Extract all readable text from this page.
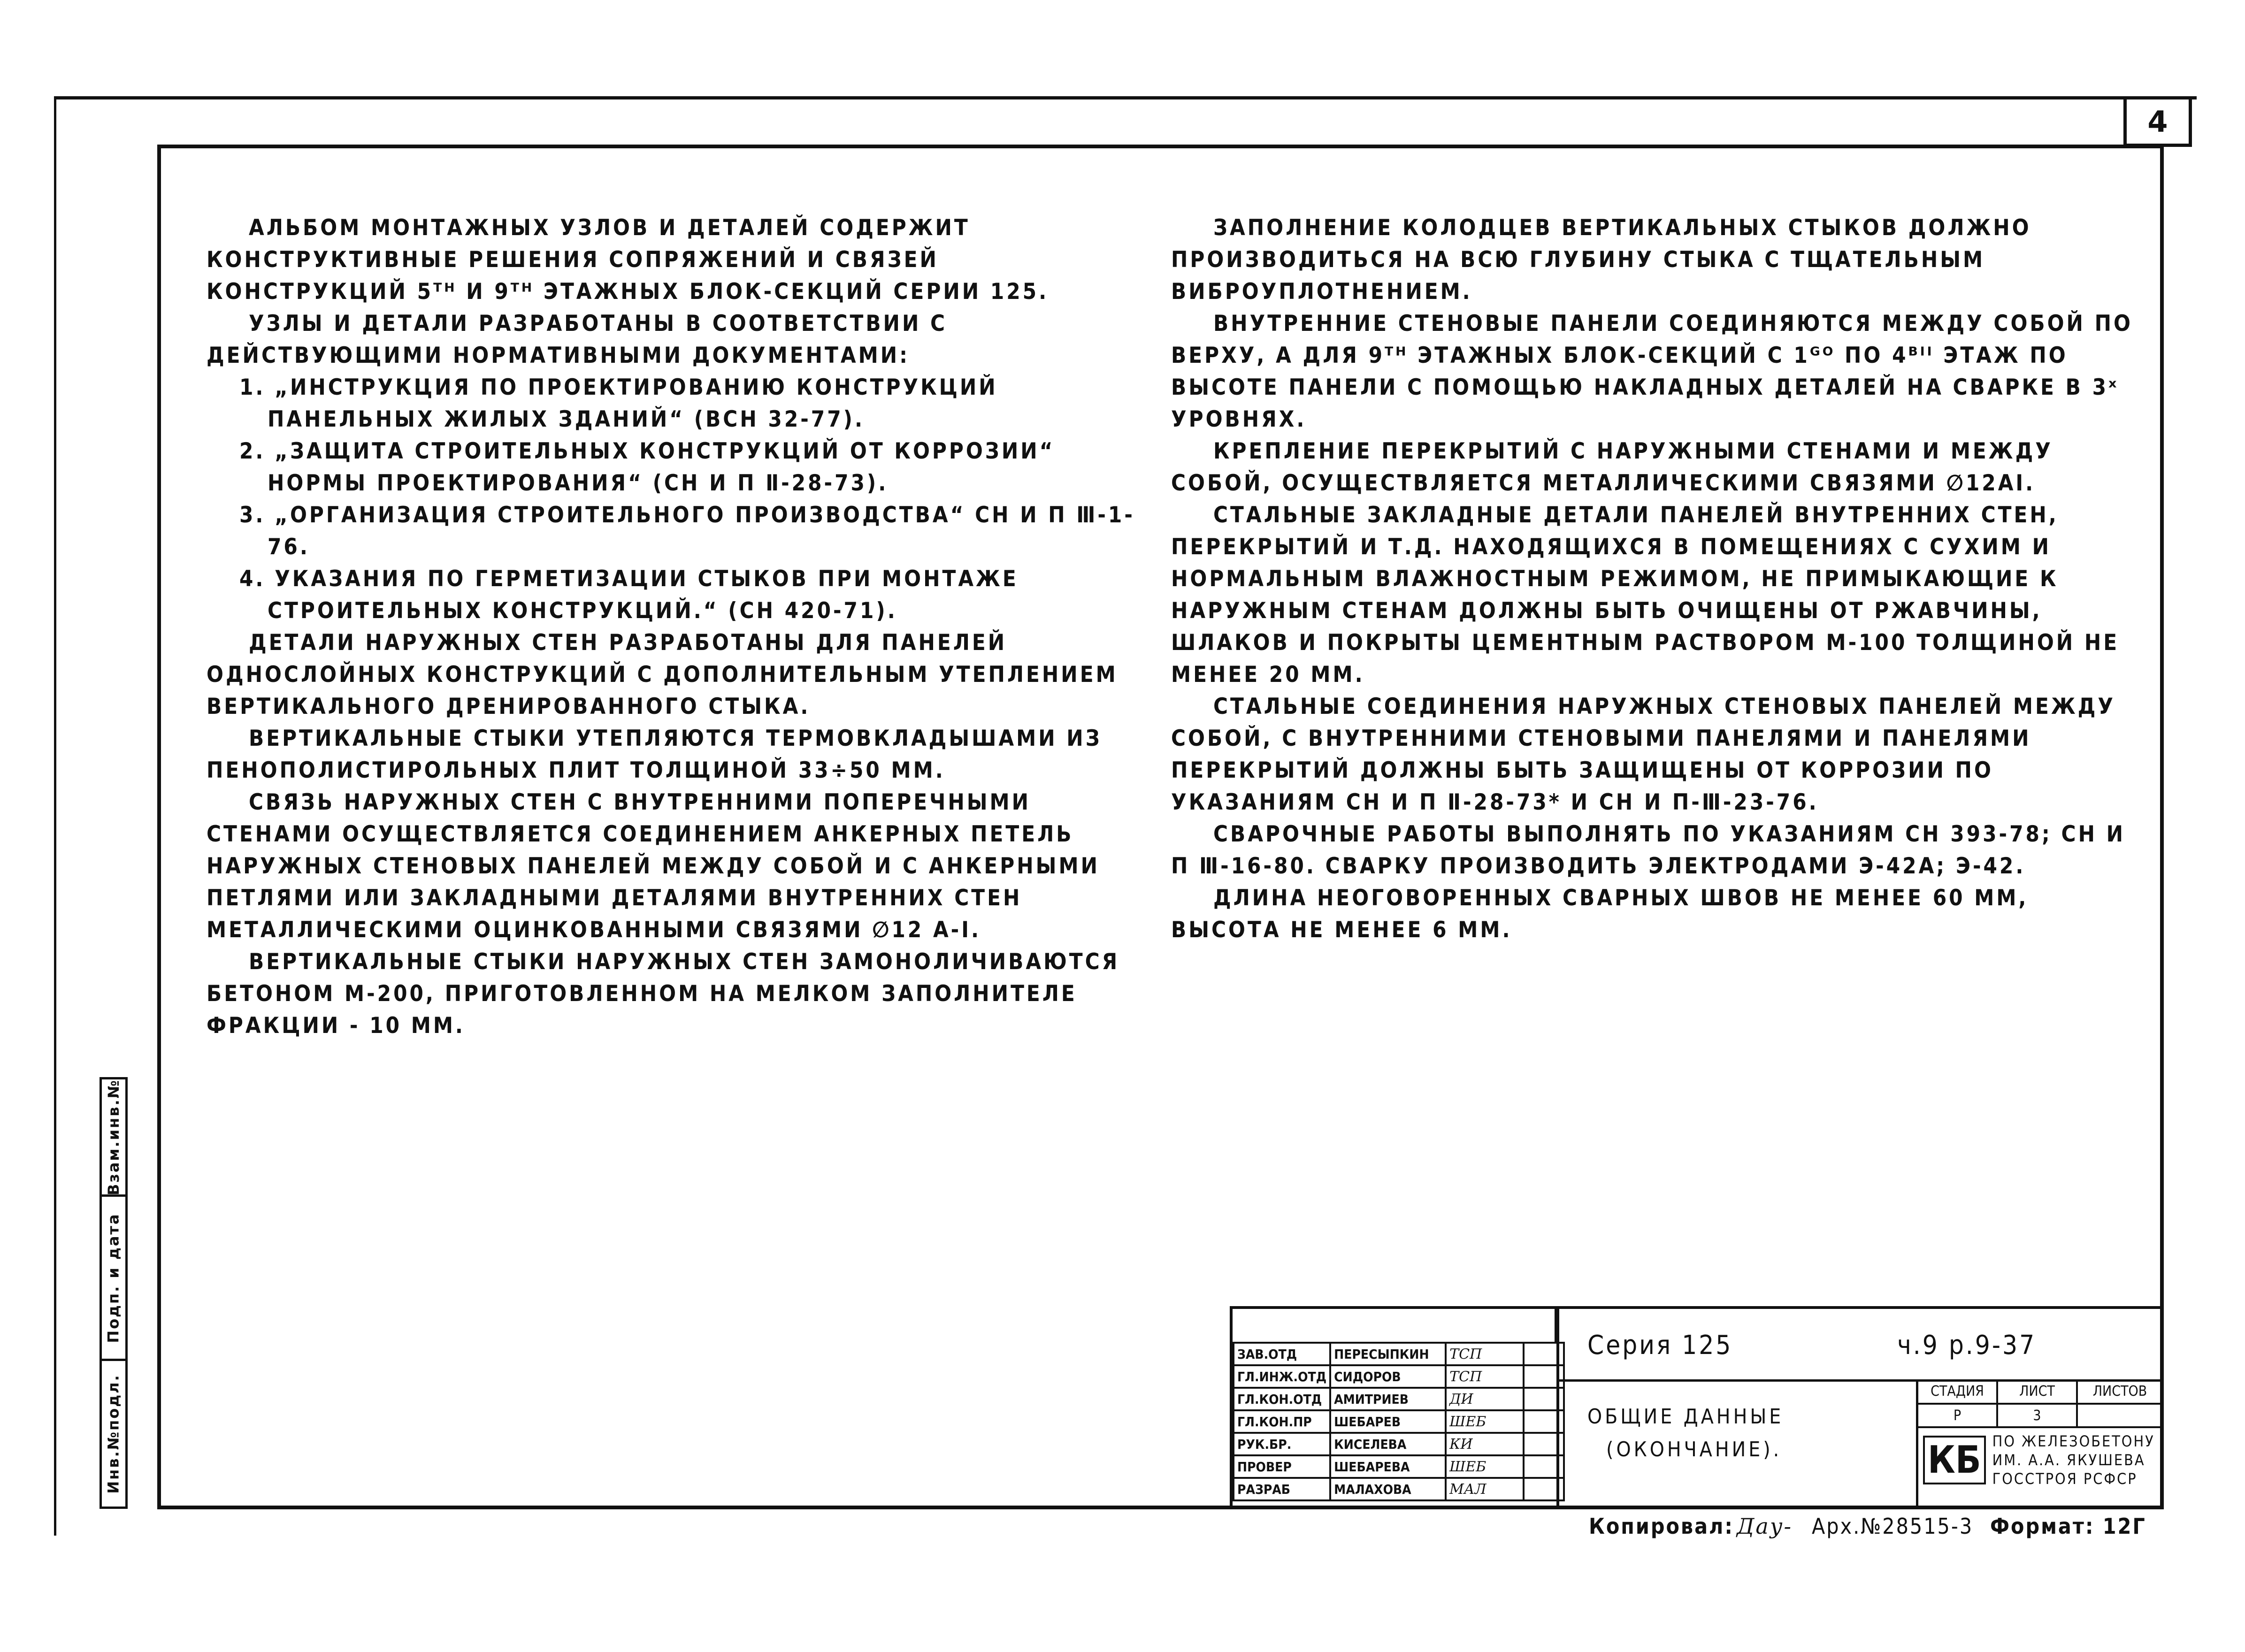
4

АЛЬБОМ МОНТАЖНЫХ УЗЛОВ И ДЕТАЛЕЙ СОДЕРЖИТ КОНСТРУКТИВНЫЕ РЕШЕНИЯ СОПРЯЖЕНИЙ И СВЯЗЕЙ КОНСТРУКЦИЙ 5ᵀᴴ И 9ᵀᴴ ЭТАЖНЫХ БЛОК-СЕКЦИЙ СЕРИИ 125.

УЗЛЫ И ДЕТАЛИ РАЗРАБОТАНЫ В СООТВЕТСТВИИ С ДЕЙСТВУЮЩИМИ НОРМАТИВНЫМИ ДОКУМЕНТАМИ:

1. „ИНСТРУКЦИЯ ПО ПРОЕКТИРОВАНИЮ КОНСТРУКЦИЙ ПАНЕЛЬНЫХ ЖИЛЫХ ЗДАНИЙ“ (ВСН 32-77).

2. „ЗАЩИТА СТРОИТЕЛЬНЫХ КОНСТРУКЦИЙ ОТ КОРРОЗИИ“ НОРМЫ ПРОЕКТИРОВАНИЯ“ (СН И П Ⅱ-28-73).

3. „ОРГАНИЗАЦИЯ СТРОИТЕЛЬНОГО ПРОИЗВОДСТВА“ СН И П Ⅲ-1-76.

4. УКАЗАНИЯ ПО ГЕРМЕТИЗАЦИИ СТЫКОВ ПРИ МОНТАЖЕ СТРОИТЕЛЬНЫХ КОНСТРУКЦИЙ.“ (СН 420-71).

ДЕТАЛИ НАРУЖНЫХ СТЕН РАЗРАБОТАНЫ ДЛЯ ПАНЕЛЕЙ ОДНОСЛОЙНЫХ КОНСТРУКЦИЙ С ДОПОЛНИТЕЛЬНЫМ УТЕПЛЕНИЕМ ВЕРТИКАЛЬНОГО ДРЕНИРОВАННОГО СТЫКА.

ВЕРТИКАЛЬНЫЕ СТЫКИ УТЕПЛЯЮТСЯ ТЕРМОВКЛАДЫШАМИ ИЗ ПЕНОПОЛИСТИРОЛЬНЫХ ПЛИТ ТОЛЩИНОЙ 33÷50 ММ.

СВЯЗЬ НАРУЖНЫХ СТЕН С ВНУТРЕННИМИ ПОПЕРЕЧНЫМИ СТЕНАМИ ОСУЩЕСТВЛЯЕТСЯ СОЕДИНЕНИЕМ АНКЕРНЫХ ПЕТЕЛЬ НАРУЖНЫХ СТЕНОВЫХ ПАНЕЛЕЙ МЕЖДУ СОБОЙ И С АНКЕРНЫМИ ПЕТЛЯМИ ИЛИ ЗАКЛАДНЫМИ ДЕТАЛЯМИ ВНУТРЕННИХ СТЕН МЕТАЛЛИЧЕСКИМИ ОЦИНКОВАННЫМИ СВЯЗЯМИ ∅12 А-Ⅰ.

ВЕРТИКАЛЬНЫЕ СТЫКИ НАРУЖНЫХ СТЕН ЗАМОНОЛИЧИВАЮТСЯ БЕТОНОМ М-200, ПРИГОТОВЛЕННОМ НА МЕЛКОМ ЗАПОЛНИТЕЛЕ ФРАКЦИИ - 10 ММ.

ЗАПОЛНЕНИЕ КОЛОДЦЕВ ВЕРТИКАЛЬНЫХ СТЫКОВ ДОЛЖНО ПРОИЗВОДИТЬСЯ НА ВСЮ ГЛУБИНУ СТЫКА С ТЩАТЕЛЬНЫМ ВИБРОУПЛОТНЕНИЕМ.

ВНУТРЕННИЕ СТЕНОВЫЕ ПАНЕЛИ СОЕДИНЯЮТСЯ МЕЖДУ СОБОЙ ПО ВЕРХУ, А ДЛЯ 9ᵀᴴ ЭТАЖНЫХ БЛОК-СЕКЦИЙ С 1ᴳᴼ ПО 4ᴮᴵᴵ ЭТАЖ ПО ВЫСОТЕ ПАНЕЛИ С ПОМОЩЬЮ НАКЛАДНЫХ ДЕТАЛЕЙ НА СВАРКЕ В 3ˣ УРОВНЯХ.

КРЕПЛЕНИЕ ПЕРЕКРЫТИЙ С НАРУЖНЫМИ СТЕНАМИ И МЕЖДУ СОБОЙ, ОСУЩЕСТВЛЯЕТСЯ МЕТАЛЛИЧЕСКИМИ СВЯЗЯМИ ∅12АⅠ.

СТАЛЬНЫЕ ЗАКЛАДНЫЕ ДЕТАЛИ ПАНЕЛЕЙ ВНУТРЕННИХ СТЕН, ПЕРЕКРЫТИЙ И Т.Д. НАХОДЯЩИХСЯ В ПОМЕЩЕНИЯХ С СУХИМ И НОРМАЛЬНЫМ ВЛАЖНОСТНЫМ РЕЖИМОМ, НЕ ПРИМЫКАЮЩИЕ К НАРУЖНЫМ СТЕНАМ ДОЛЖНЫ БЫТЬ ОЧИЩЕНЫ ОТ РЖАВЧИНЫ, ШЛАКОВ И ПОКРЫТЫ ЦЕМЕНТНЫМ РАСТВОРОМ М-100 ТОЛЩИНОЙ НЕ МЕНЕЕ 20 ММ.

СТАЛЬНЫЕ СОЕДИНЕНИЯ НАРУЖНЫХ СТЕНОВЫХ ПАНЕЛЕЙ МЕЖДУ СОБОЙ, С ВНУТРЕННИМИ СТЕНОВЫМИ ПАНЕЛЯМИ И ПАНЕЛЯМИ ПЕРЕКРЫТИЙ ДОЛЖНЫ БЫТЬ ЗАЩИЩЕНЫ ОТ КОРРОЗИИ ПО УКАЗАНИЯМ СН И П Ⅱ-28-73* И СН И П-Ⅲ-23-76.

СВАРОЧНЫЕ РАБОТЫ ВЫПОЛНЯТЬ ПО УКАЗАНИЯМ СН 393-78; СН И П Ⅲ-16-80. СВАРКУ ПРОИЗВОДИТЬ ЭЛЕКТРОДАМИ Э-42А; Э-42.

ДЛИНА НЕОГОВОРЕННЫХ СВАРНЫХ ШВОВ НЕ МЕНЕЕ 60 ММ, ВЫСОТА НЕ МЕНЕЕ 6 ММ.

Взам.инв.№
Подп. и дата
Инв.№подл.
ЗАВ.ОТД	ПЕРЕСЫПКИН	ТСП	
ГЛ.ИНЖ.ОТД	СИДОРОВ	ТСП	
ГЛ.КОН.ОТД	АМИТРИЕВ	ДИ	
ГЛ.КОН.ПР	ШЕБАРЕВ	ШЕБ	
РУК.БР.	КИСЕЛЕВА	КИ	
ПРОВЕР	ШЕБАРЕВА	ШЕБ	
РАЗРАБ	МАЛАХОВА	МАЛ	
Серия 125	ч.9 р.9-37
ОБЩИЕ ДАННЫЕ
(ОКОНЧАНИЕ).
СТАДИЯ	ЛИСТ	ЛИСТОВ
Р	3
КБ ПО ЖЕЛЕЗОБЕТОНУ
ИМ. А.А. ЯКУШЕВА
ГОССТРОЯ РСФСР
Копировал: Дау- Арх.№28515-3 Формат: 12Г
